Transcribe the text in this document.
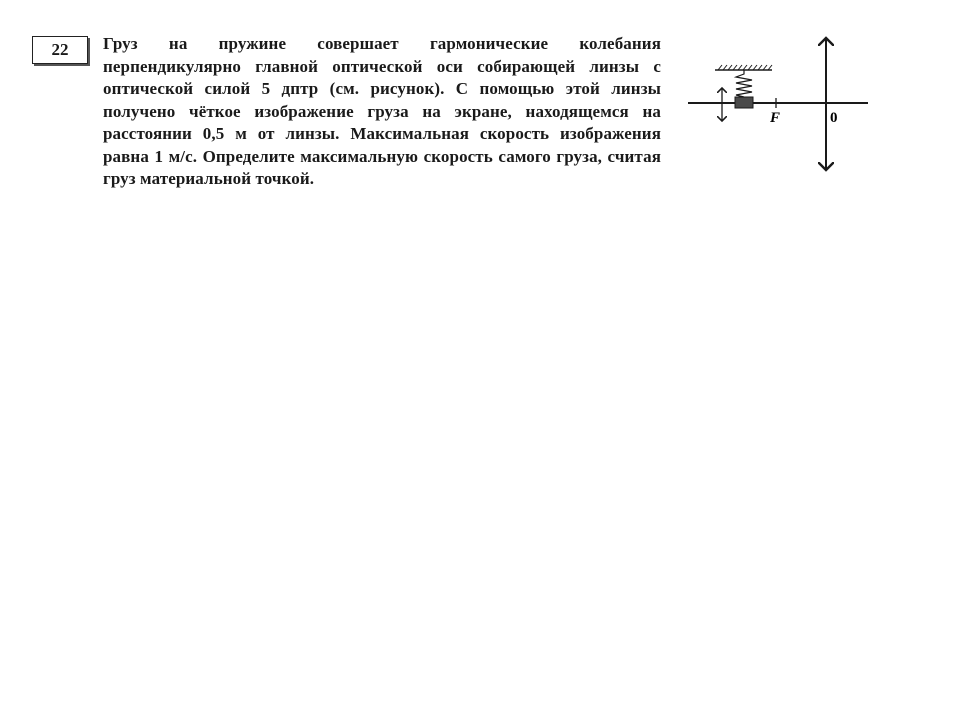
22	Груз на пружине совершает гармонические колебания перпендикулярно главной оптической оси собирающей линзы с оптической силой 5 дптр (см. рисунок). С помощью этой линзы получено чёткое изображение груза на экране, находящемся на расстоянии 0,5 м от линзы. Максимальная скорость изображения равна 1 м/с. Определите максимальную скорость самого груза, считая груз материальной точкой.

F	0
